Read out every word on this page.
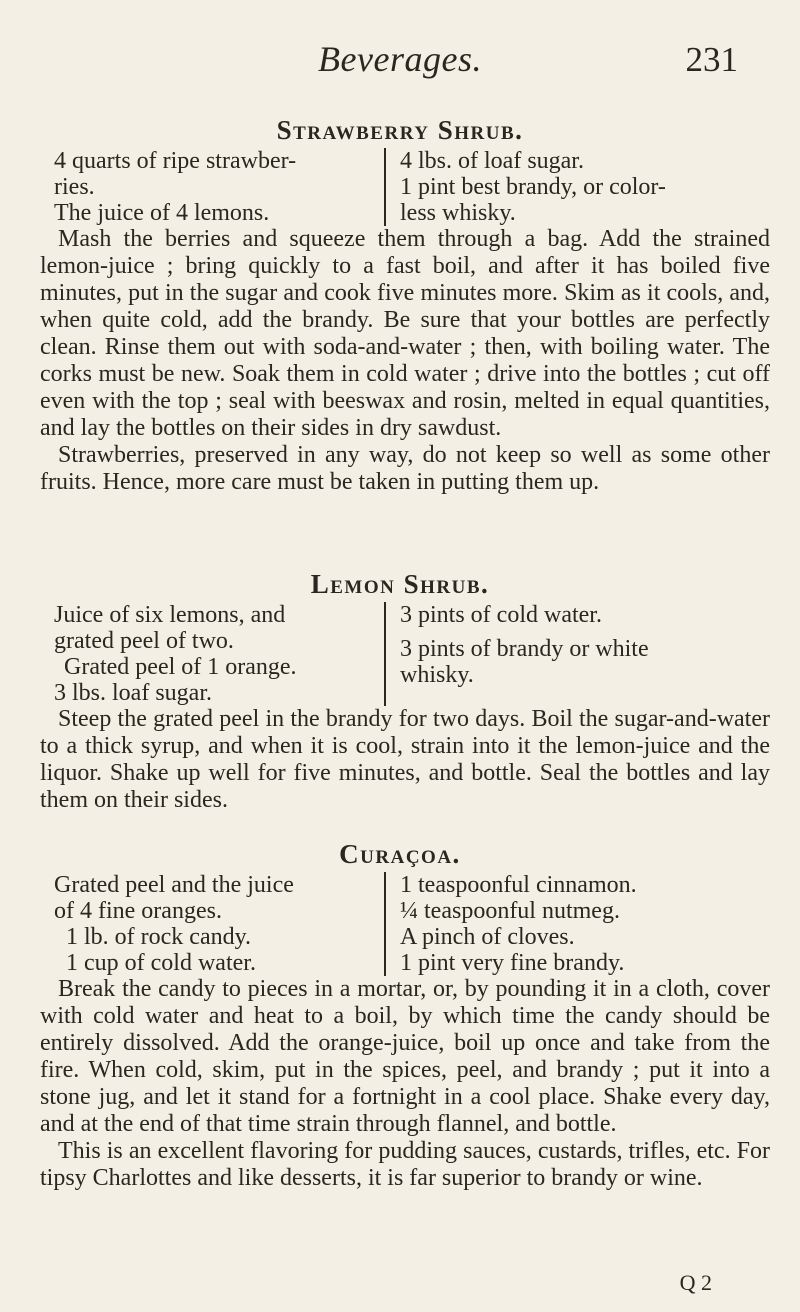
Beverages.	231
Strawberry Shrub.

4 quarts of ripe strawber-

ries.

The juice of 4 lemons.

4 lbs. of loaf sugar.

1 pint best brandy, or color-

less whisky.

Mash the berries and squeeze them through a bag. Add the strained lemon-juice ; bring quickly to a fast boil, and after it has boiled five minutes, put in the sugar and cook five minutes more. Skim as it cools, and, when quite cold, add the brandy. Be sure that your bottles are perfectly clean. Rinse them out with soda-and-water ; then, with boiling water. The corks must be new. Soak them in cold water ; drive into the bottles ; cut off even with the top ; seal with beeswax and rosin, melted in equal quantities, and lay the bottles on their sides in dry sawdust.

Strawberries, preserved in any way, do not keep so well as some other fruits. Hence, more care must be taken in putting them up.

Lemon Shrub.

Juice of six lemons, and

grated peel of two.

Grated peel of 1 orange.

3 lbs. loaf sugar.

3 pints of cold water.

3 pints of brandy or white

whisky.

Steep the grated peel in the brandy for two days. Boil the sugar-and-water to a thick syrup, and when it is cool, strain into it the lemon-juice and the liquor. Shake up well for five minutes, and bottle. Seal the bottles and lay them on their sides.

Curaçoa.

Grated peel and the juice

of 4 fine oranges.

1 lb. of rock candy.

1 cup of cold water.

1 teaspoonful cinnamon.

¼ teaspoonful nutmeg.

A pinch of cloves.

1 pint very fine brandy.

Break the candy to pieces in a mortar, or, by pounding it in a cloth, cover with cold water and heat to a boil, by which time the candy should be entirely dissolved. Add the orange-juice, boil up once and take from the fire. When cold, skim, put in the spices, peel, and brandy ; put it into a stone jug, and let it stand for a fortnight in a cool place. Shake every day, and at the end of that time strain through flannel, and bottle.

This is an excellent flavoring for pudding sauces, custards, trifles, etc. For tipsy Charlottes and like desserts, it is far superior to brandy or wine.

Q 2
